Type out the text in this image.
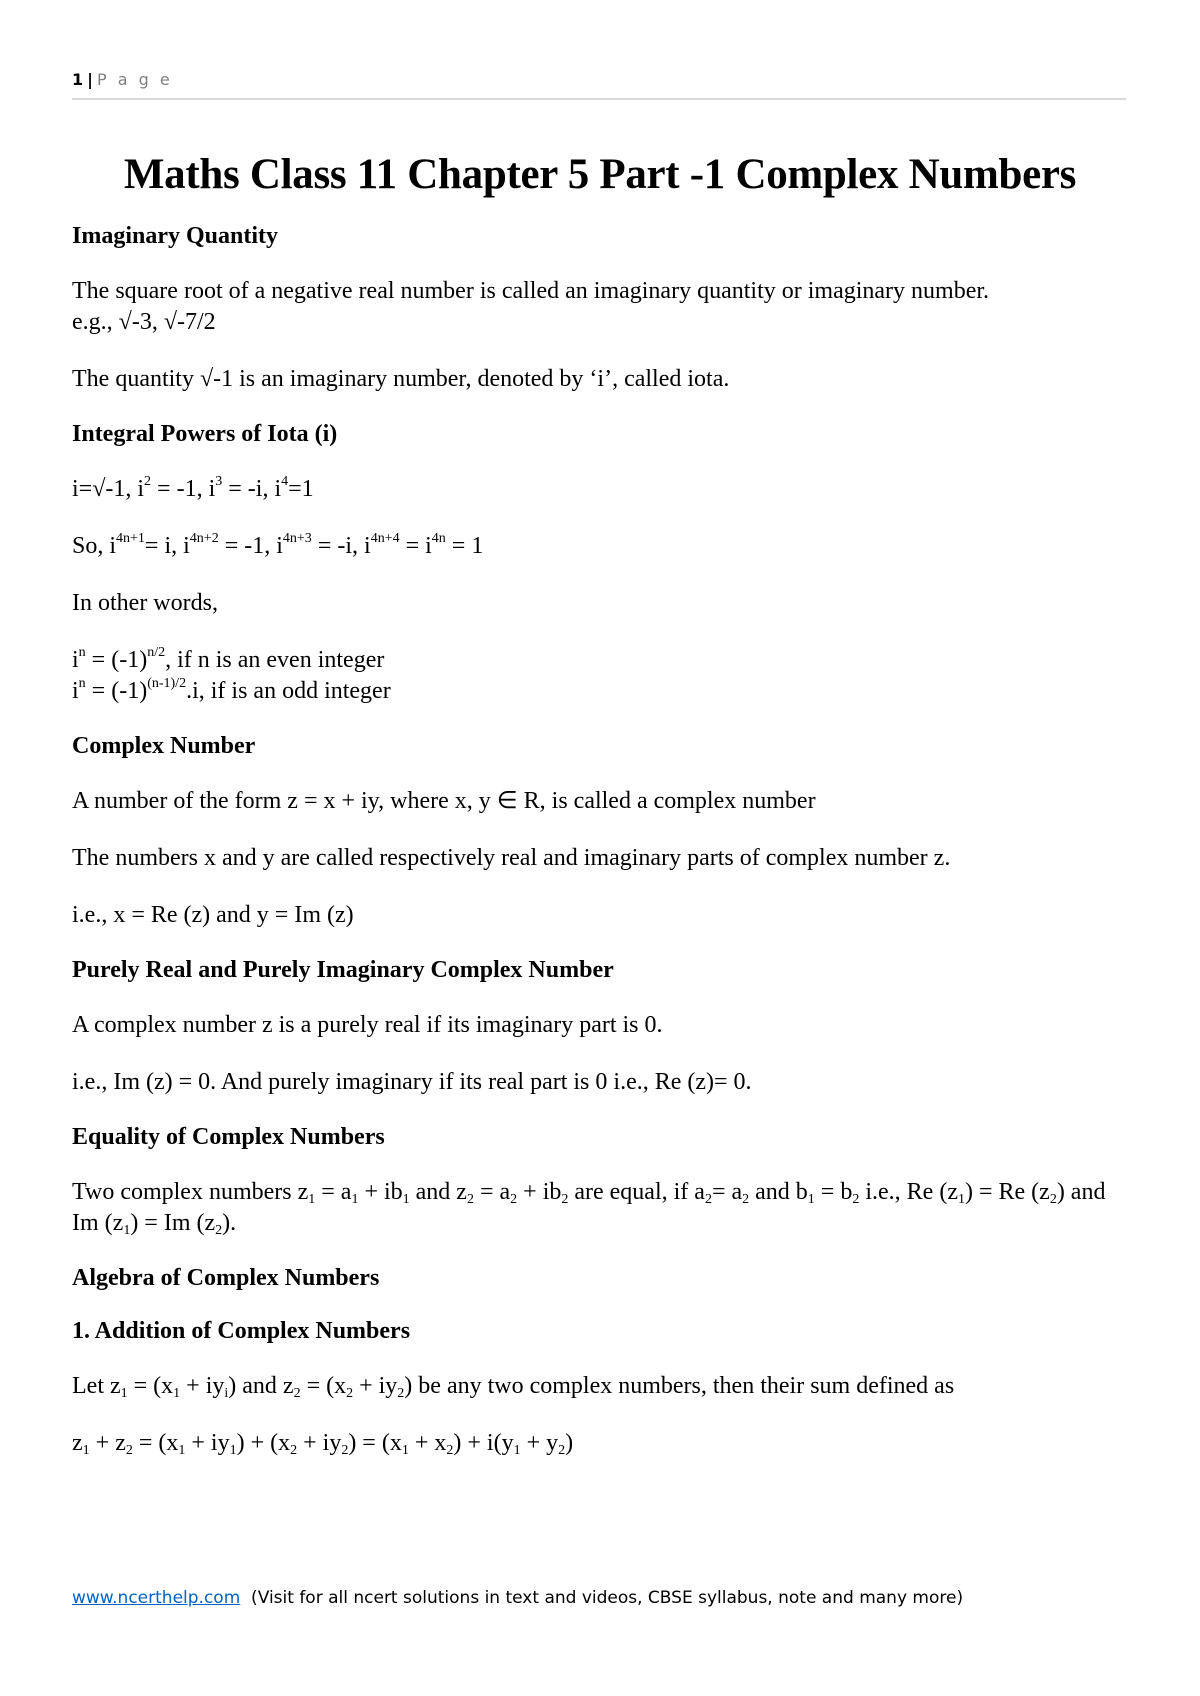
1 | P a g e
Maths Class 11 Chapter 5 Part -1 Complex Numbers
Imaginary Quantity

The square root of a negative real number is called an imaginary quantity or imaginary number.
e.g., √-3, √-7/2

The quantity √-1 is an imaginary number, denoted by ‘i’, called iota.

Integral Powers of Iota (i)

i=√-1, $i^2 = -1$, $i^3 = -i$, $i^4=1$

So, $i^{4n+1}= i$, $i^{4n+2} = -1$, $i^{4n+3} = -i$, $i^{4n+4} = i^{4n} = 1$

In other words,

$i^n = (-1)^{n/2}$, if n is an even integer

$i^n = (-1)^{(n-1)/2}.i$, if is an odd integer

Complex Number

A number of the form z = x + iy, where x, y ∈ R, is called a complex number

The numbers x and y are called respectively real and imaginary parts of complex number z.

i.e., x = Re (z) and y = Im (z)

Purely Real and Purely Imaginary Complex Number

A complex number z is a purely real if its imaginary part is 0.

i.e., Im (z) = 0. And purely imaginary if its real part is 0 i.e., Re (z)= 0.

Equality of Complex Numbers

Two complex numbers $z_1 = a_1 + ib_1$ and $z_2 = a_2 + ib_2$ are equal, if $a_2= a_2$ and $b_1 = b_2$ i.e., Re $(z_1) = Re$ $(z_2)$ and Im $(z_1) = Im$ $(z_2)$.

Algebra of Complex Numbers
1. Addition of Complex Numbers

Let $z_1 = (x_1 + iy_i)$ and $z_2 = (x_2 + iy_2)$ be any two complex numbers, then their sum defined as

$z_1 + z_2 = (x_1 + iy_1) + (x_2 + iy_2) = (x_1 + x_2) + i(y_1 + y_2)$

www.ncerthelp.com  (Visit for all ncert solutions in text and videos, CBSE syllabus, note and many more)
